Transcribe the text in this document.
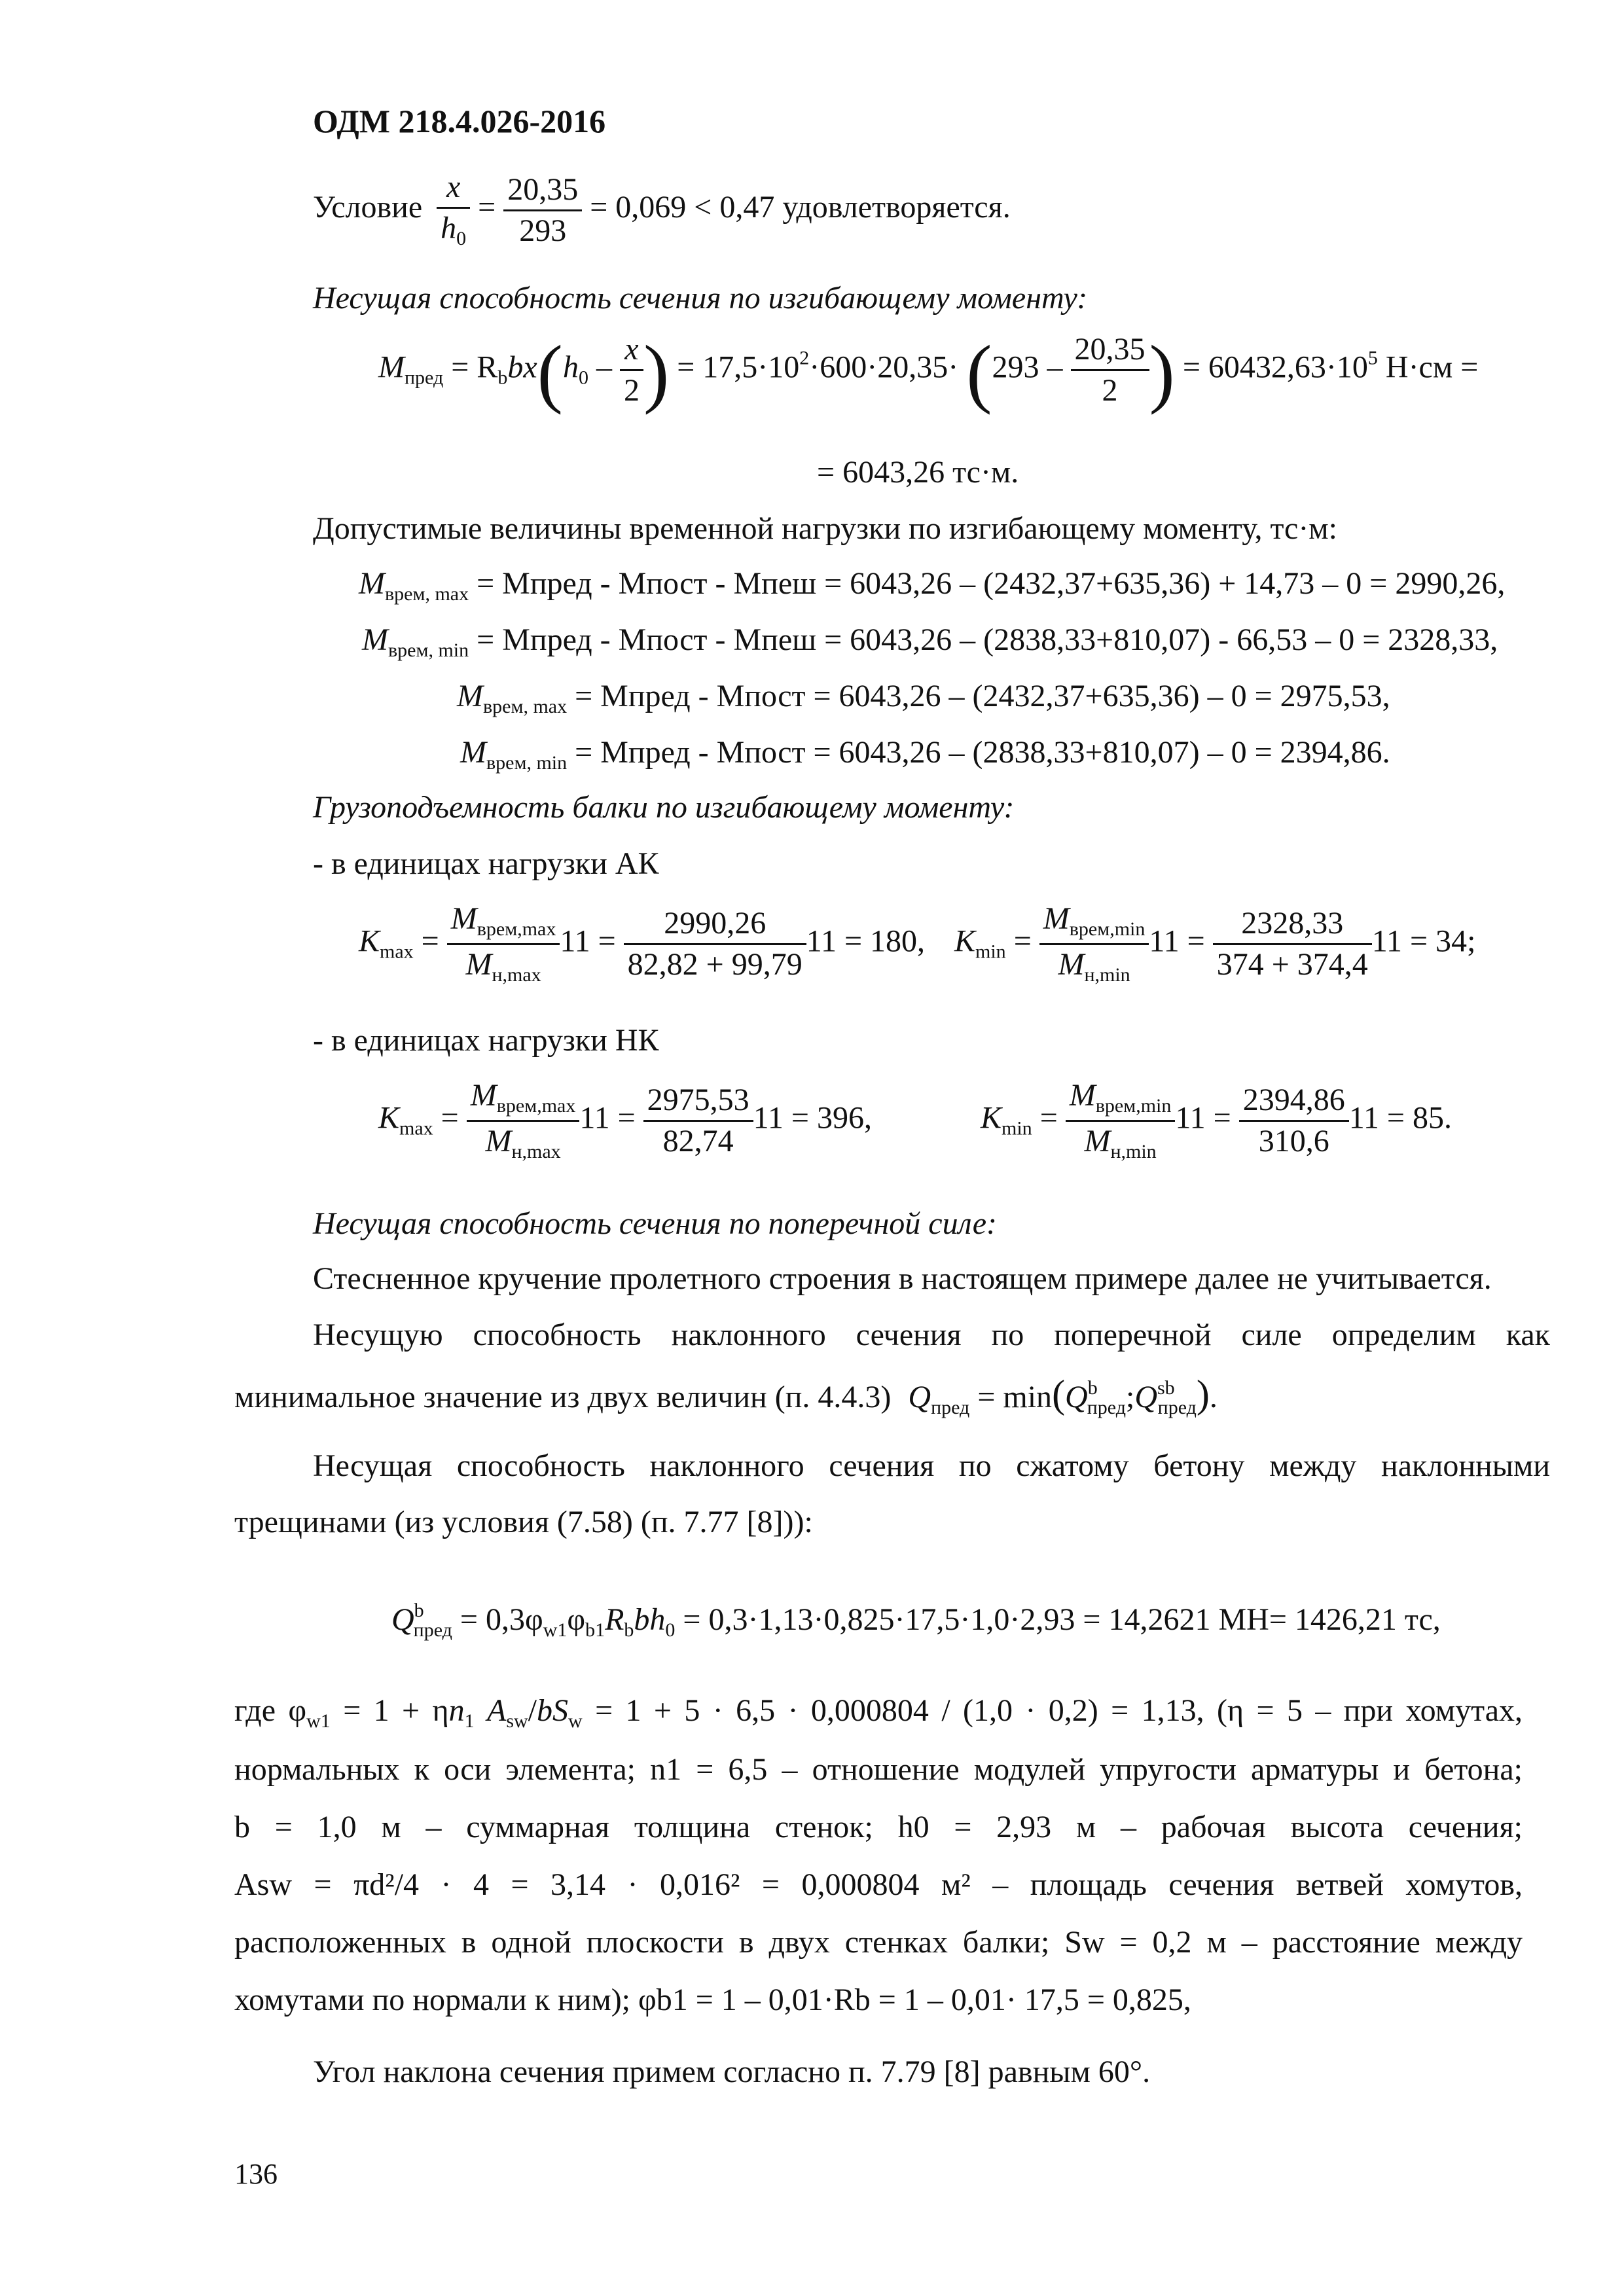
ОДМ 218.4.026-2016
Условие $\frac{x}{h_0} = \frac{20,35}{293} = 0,069 < 0,47$ удовлетворяется.
Несущая способность сечения по изгибающему моменту:
$M_{пред} = R_bbx(h_0 - \frac{x}{2}$ ) = $17,5\cdot 10^2\cdot 600\cdot 20,35\cdot (293 - \frac{20,35}{2}$ ) = $60432,63\cdot 10^5$ Н·см =
= 6043,26 тс·м.
Допустимые величины временной нагрузки по изгибающему моменту, тс·м:
$M_{врем, max}$ = Mпред - Mпост - Mпеш = 6043,26 – (2432,37+635,36) + 14,73 – 0 = 2990,26,
$M_{врем, min}$ = Mпред - Mпост - Mпеш = 6043,26 – (2838,33+810,07) - 66,53 – 0 = 2328,33,
$M_{врем, max}$ = Mпред - Mпост = 6043,26 – (2432,37+635,36) – 0 = 2975,53,
$M_{врем, min}$ = Mпред - Mпост = 6043,26 – (2838,33+810,07) – 0 = 2394,86.
Грузоподъемность балки по изгибающему моменту:
- в единицах нагрузки АК
$K_{max} = \frac{M_{врем,max}}{M_{н,max}} 11 = \frac{2990,26}{82,82 + 99,79} 11 = 180$, $K_{min} = \frac{M_{врем,min}}{M_{н,min}} 11 = \frac{2328,33}{374 + 374,4} 11 = 34$;
- в единицах нагрузки НК
$K_{max} = \frac{M_{врем,max}}{M_{н,max}} 11 = \frac{2975,53}{82,74} 11 = 396$,	$K_{min} = \frac{M_{врем,min}}{M_{н,min}} 11 = \frac{2394,86}{310,6} 11 = 85$.
Несущая способность сечения по поперечной силе:
Стесненное кручение пролетного строения в настоящем примере далее не учитывается.
Несущую способность наклонного сечения по поперечной силе определим как
минимальное значение из двух величин (п. 4.4.3) $Q_{пред}$ = $\min(Q^b_{пред};Q^{sb}_{пред})$.
Несущая способность наклонного сечения по сжатому бетону между наклонными
трещинами (из условия (7.58) (п. 7.77 [8])):
$Q^b_{пред} = 0,3\varphi_{w1}\varphi_{b1}R_bbh_0 = 0,3\cdot 1,13\cdot 0,825\cdot 17,5\cdot 1,0\cdot 2,93 = 14,2621$ МН= 1426,21 тс,
где $\varphi_{w1} = 1 + \eta n_1$ $A_{sw}/bS_w = 1 + 5 \cdot 6,5 \cdot 0,000804 / (1,0 \cdot 0,2) = 1,13$, (η = 5 – при хомутах,
нормальных к оси элемента; n1 = 6,5 – отношение модулей упругости арматуры и бетона;
b = 1,0 м – суммарная толщина стенок; h0 = 2,93 м – рабочая высота сечения;
Asw = πd²/4 · 4 = 3,14 · 0,016² = 0,000804 м² – площадь сечения ветвей хомутов,
расположенных в одной плоскости в двух стенках балки; Sw = 0,2 м – расстояние между
хомутами по нормали к ним); φb1 = 1 – 0,01·Rb = 1 – 0,01· 17,5 = 0,825,
Угол наклона сечения примем согласно п. 7.79 [8] равным 60°.
136
